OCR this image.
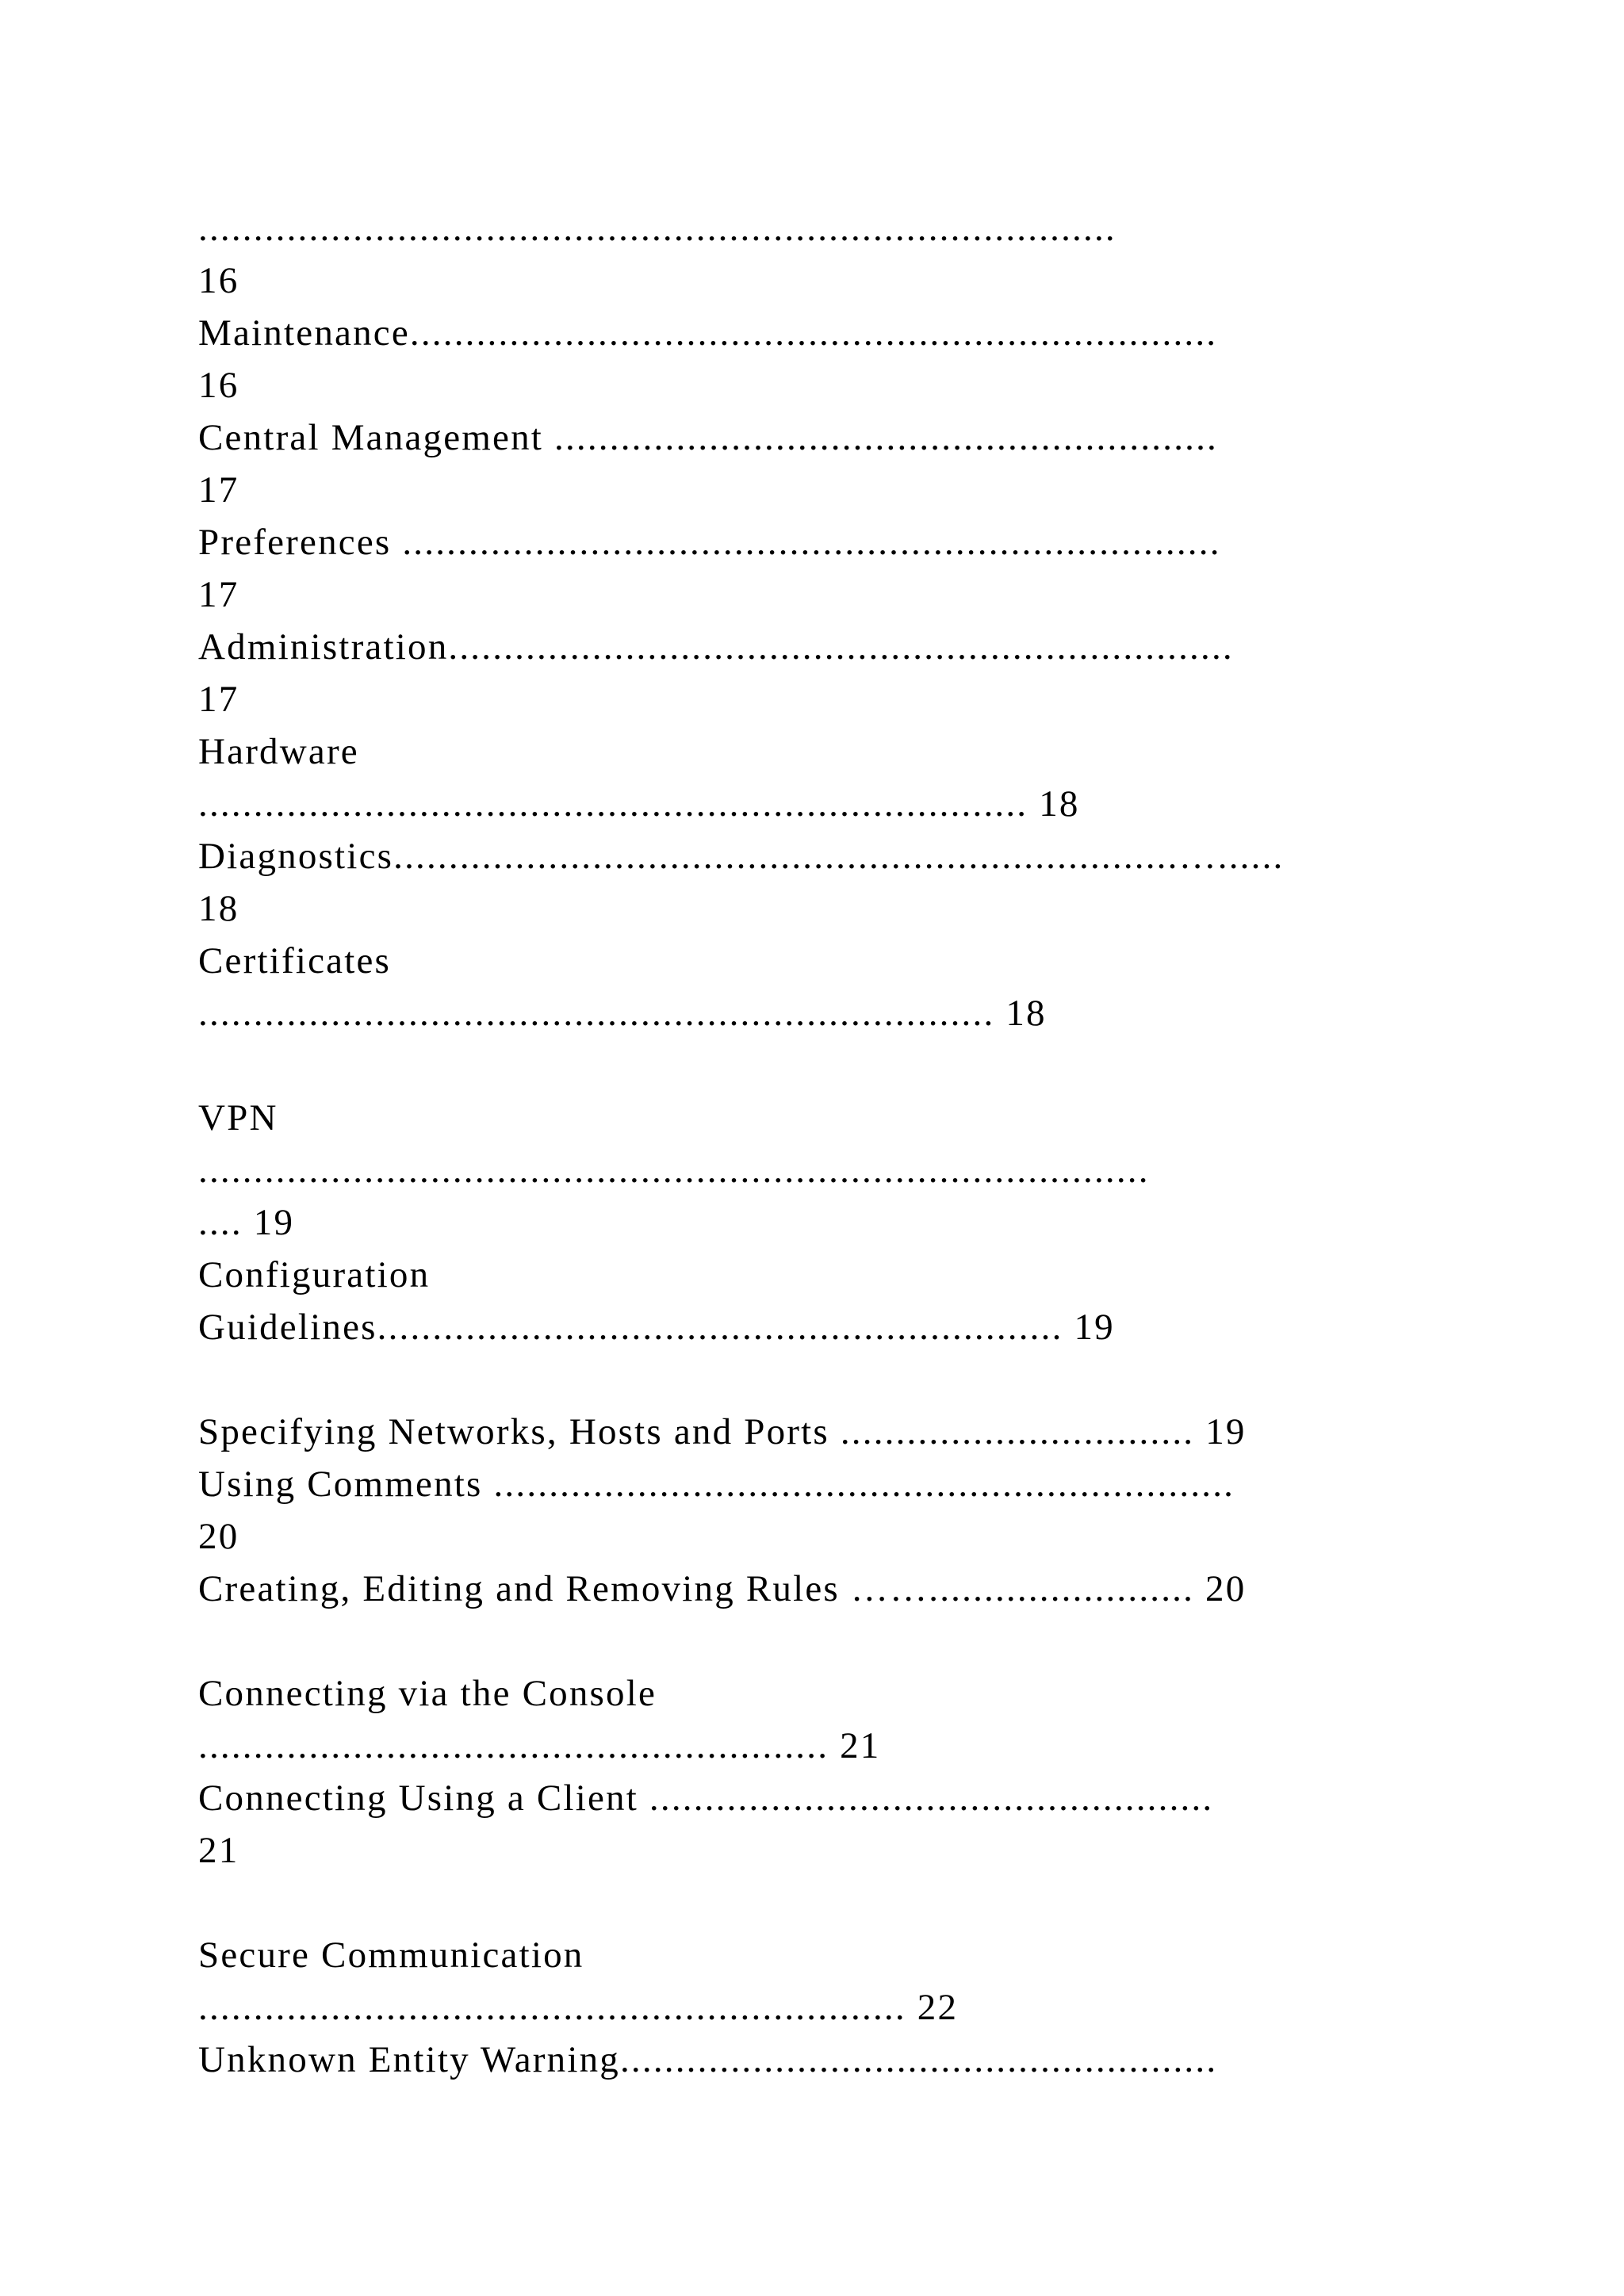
...................................................................................
16
Maintenance.........................................................................
16
Central Management ............................................................
17
Preferences ..........................................................................
17
Administration.......................................................................
17
Hardware
........................................................................... 18
Diagnostics.......................................................................…......
18
Certificates
........................................................................ 18
VPN
......................................................................................
.... 19
Configuration
Guidelines.............................................................. 19
Specifying Networks, Hosts and Ports ................................ 19
Using Comments ...................................................................
20
Creating, Editing and Removing Rules ……........................ 20
Connecting via the Console
......................................................... 21
Connecting Using a Client ...................................................
21
Secure Communication
................................................................ 22
Unknown Entity Warning......................................................
